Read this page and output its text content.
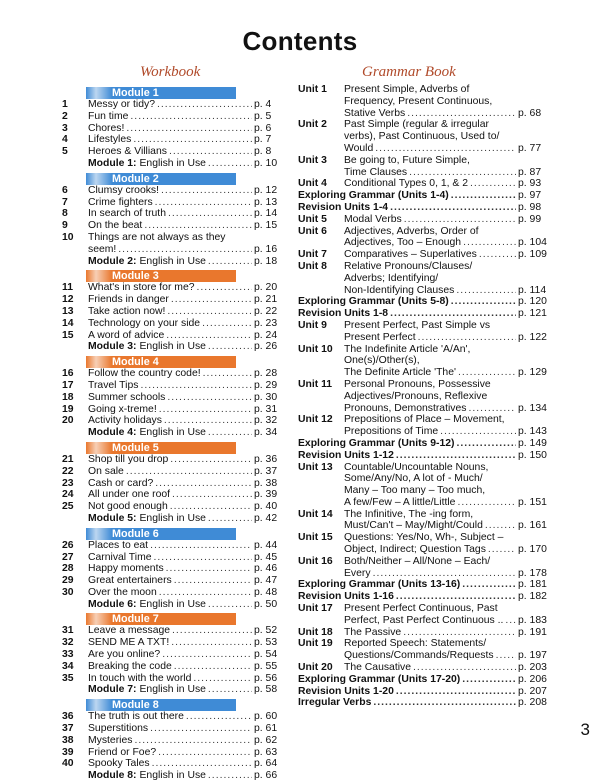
Contents
Workbook	Grammar Book
Module 1
1	Messy or tidy? .....	p. 4
2	Fun time .....	p. 5
3	Chores! .....	p. 6
4	Lifestyles .....	p. 7
5	Heroes & Villians .....	p. 8
Module 1: English in Use .....	p. 10
Module 2
6	Clumsy crooks! .....	p. 12
7	Crime fighters .....	p. 13
8	In search of truth .....	p. 14
9	On the beat .....	p. 15
10	Things are not always as they
seem! .....	p. 16
Module 2: English in Use .....	p. 18
Module 3
11	What's in store for me? .....	p. 20
12	Friends in danger .....	p. 21
13	Take action now! .....	p. 22
14	Technology on your side .....	p. 23
15	A word of advice .....	p. 24
Module 3: English in Use .....	p. 26
Module 4
16	Follow the country code! .....	p. 28
17	Travel Tips .....	p. 29
18	Summer schools .....	p. 30
19	Going x-treme! .....	p. 31
20	Activity holidays .....	p. 32
Module 4: English in Use .....	p. 34
Module 5
21	Shop till you drop .....	p. 36
22	On sale .....	p. 37
23	Cash or card? .....	p. 38
24	All under one roof .....	p. 39
25	Not good enough .....	p. 40
Module 5: English in Use .....	p. 42
Module 6
26	Places to eat .....	p. 44
27	Carnival Time .....	p. 45
28	Happy moments .....	p. 46
29	Great entertainers .....	p. 47
30	Over the moon .....	p. 48
Module 6: English in Use .....	p. 50
Module 7
31	Leave a message .....	p. 52
32	SEND ME A TXT! .....	p. 53
33	Are you online? .....	p. 54
34	Breaking the code .....	p. 55
35	In touch with the world .....	p. 56
Module 7: English in Use .....	p. 58
Module 8
36	The truth is out there .....	p. 60
37	Superstitions .....	p. 61
38	Mysteries .....	p. 62
39	Friend or Foe? .....	p. 63
40	Spooky Tales .....	p. 64
Module 8: English in Use .....	p. 66
Unit 1	Present Simple, Adverbs of
Frequency, Present Continuous,
Stative Verbs .....	p. 68
Unit 2	Past Simple (regular & irregular
verbs), Past Continuous, Used to/
Would .....	p. 77
Unit 3	Be going to, Future Simple,
Time Clauses .....	p. 87
Unit 4	Conditional Types 0, 1, & 2 .....	p. 93
Exploring Grammar (Units 1-4) .....	p. 97
Revision Units 1-4 .....	p. 98
Unit 5	Modal Verbs .....	p. 99
Unit 6	Adjectives, Adverbs, Order of
Adjectives, Too – Enough .....	p. 104
Unit 7	Comparatives – Superlatives .....	p. 109
Unit 8	Relative Pronouns/Clauses/
Adverbs; Identifying/
Non-Identifying Clauses .....	p. 114
Exploring Grammar (Units 5-8) .....	p. 120
Revision Units 1-8 .....	p. 121
Unit 9	Present Perfect, Past Simple vs
Present Perfect .....	p. 122
Unit 10	The Indefinite Article 'A/An',
One(s)/Other(s),
The Definite Article 'The' .....	p. 129
Unit 11	Personal Pronouns, Possessive
Adjectives/Pronouns, Reflexive
Pronouns, Demonstratives .....	p. 134
Unit 12	Prepositions of Place – Movement,
Prepositions of Time .....	p. 143
Exploring Grammar (Units 9-12) .....	p. 149
Revision Units 1-12 .....	p. 150
Unit 13	Countable/Uncountable Nouns,
Some/Any/No, A lot of - Much/
Many – Too many – Too much,
A few/Few – A little/Little .....	p. 151
Unit 14	The Infinitive, The -ing form,
Must/Can't – May/Might/Could .....	p. 161
Unit 15	Questions: Yes/No, Wh-, Subject –
Object, Indirect; Question Tags .....	p. 170
Unit 16	Both/Neither – All/None – Each/
Every .....	p. 178
Exploring Grammar (Units 13-16) .....	p. 181
Revision Units 1-16 .....	p. 182
Unit 17	Present Perfect Continuous, Past
Perfect, Past Perfect Continuous .. ..... p. 183
Unit 18	The Passive .....	p. 191
Unit 19	Reported Speech: Statements/
Questions/Commands/Requests ..... p. 197
Unit 20	The Causative .....	p. 203
Exploring Grammar (Units 17-20) .....	p. 206
Revision Units 1-20 .....	p. 207
Irregular Verbs .....	p. 208
3
